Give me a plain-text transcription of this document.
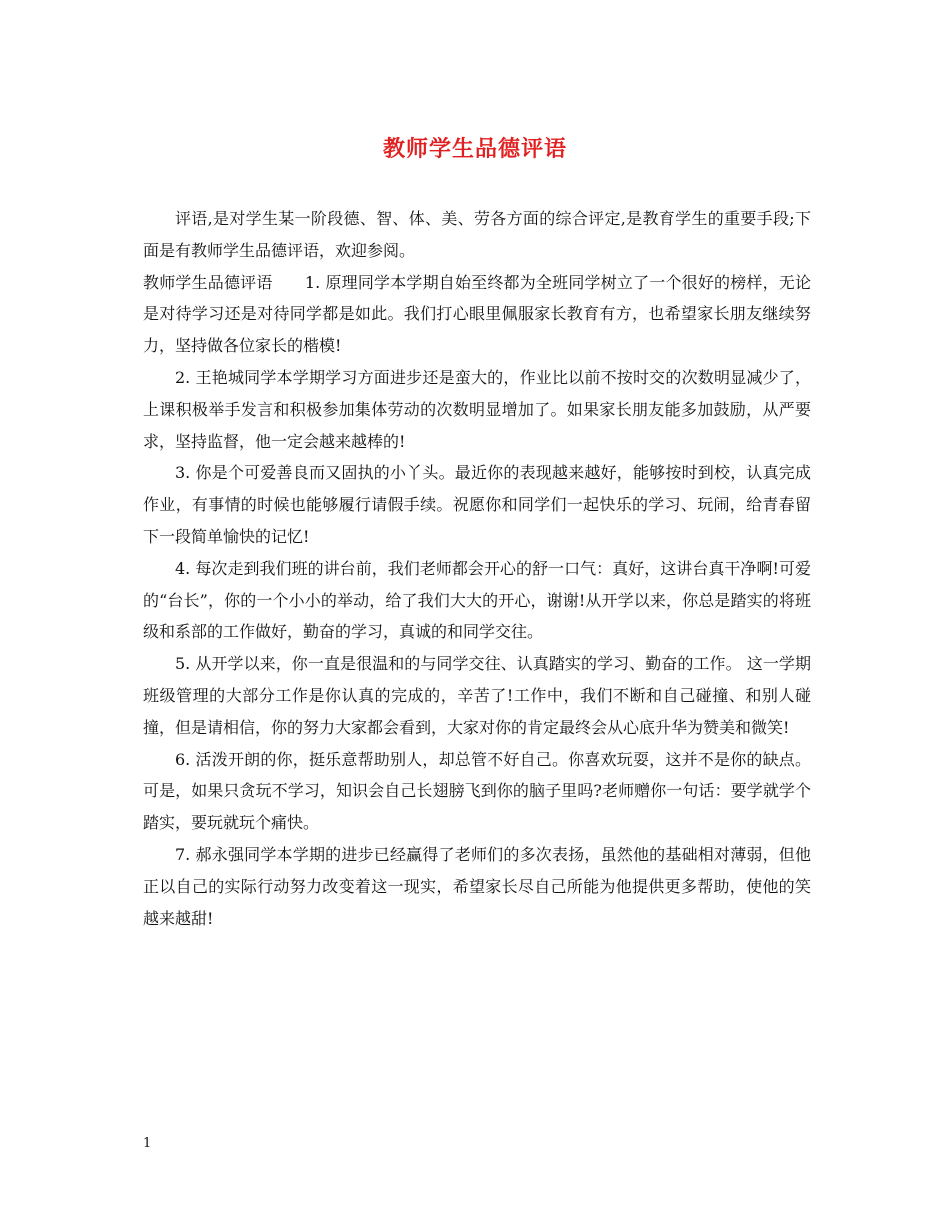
教师学生品德评语

评语,是对学生某一阶段德、智、体、美、劳各方面的综合评定,是教育学生的重要手段;下面是有教师学生品德评语，欢迎参阅。

教师学生品德评语　　1. 原理同学本学期自始至终都为全班同学树立了一个很好的榜样，无论是对待学习还是对待同学都是如此。我们打心眼里佩服家长教育有方，也希望家长朋友继续努力，坚持做各位家长的楷模!

2. 王艳城同学本学期学习方面进步还是蛮大的，作业比以前不按时交的次数明显减少了，上课积极举手发言和积极参加集体劳动的次数明显增加了。如果家长朋友能多加鼓励，从严要求，坚持监督，他一定会越来越棒的!

3. 你是个可爱善良而又固执的小丫头。最近你的表现越来越好，能够按时到校，认真完成作业，有事情的时候也能够履行请假手续。祝愿你和同学们一起快乐的学习、玩闹，给青春留下一段简单愉快的记忆!

4. 每次走到我们班的讲台前，我们老师都会开心的舒一口气：真好，这讲台真干净啊!可爱的“台长”，你的一个小小的举动，给了我们大大的开心，谢谢!从开学以来，你总是踏实的将班级和系部的工作做好，勤奋的学习，真诚的和同学交往。

5. 从开学以来，你一直是很温和的与同学交往、认真踏实的学习、勤奋的工作。 这一学期班级管理的大部分工作是你认真的完成的，辛苦了!工作中，我们不断和自己碰撞、和别人碰撞，但是请相信，你的努力大家都会看到，大家对你的肯定最终会从心底升华为赞美和微笑!

6. 活泼开朗的你，挺乐意帮助别人，却总管不好自己。你喜欢玩耍，这并不是你的缺点。可是，如果只贪玩不学习，知识会自己长翅膀飞到你的脑子里吗?老师赠你一句话：要学就学个踏实，要玩就玩个痛快。

7. 郝永强同学本学期的进步已经赢得了老师们的多次表扬，虽然他的基础相对薄弱，但他正以自己的实际行动努力改变着这一现实，希望家长尽自己所能为他提供更多帮助，使他的笑越来越甜!

1
